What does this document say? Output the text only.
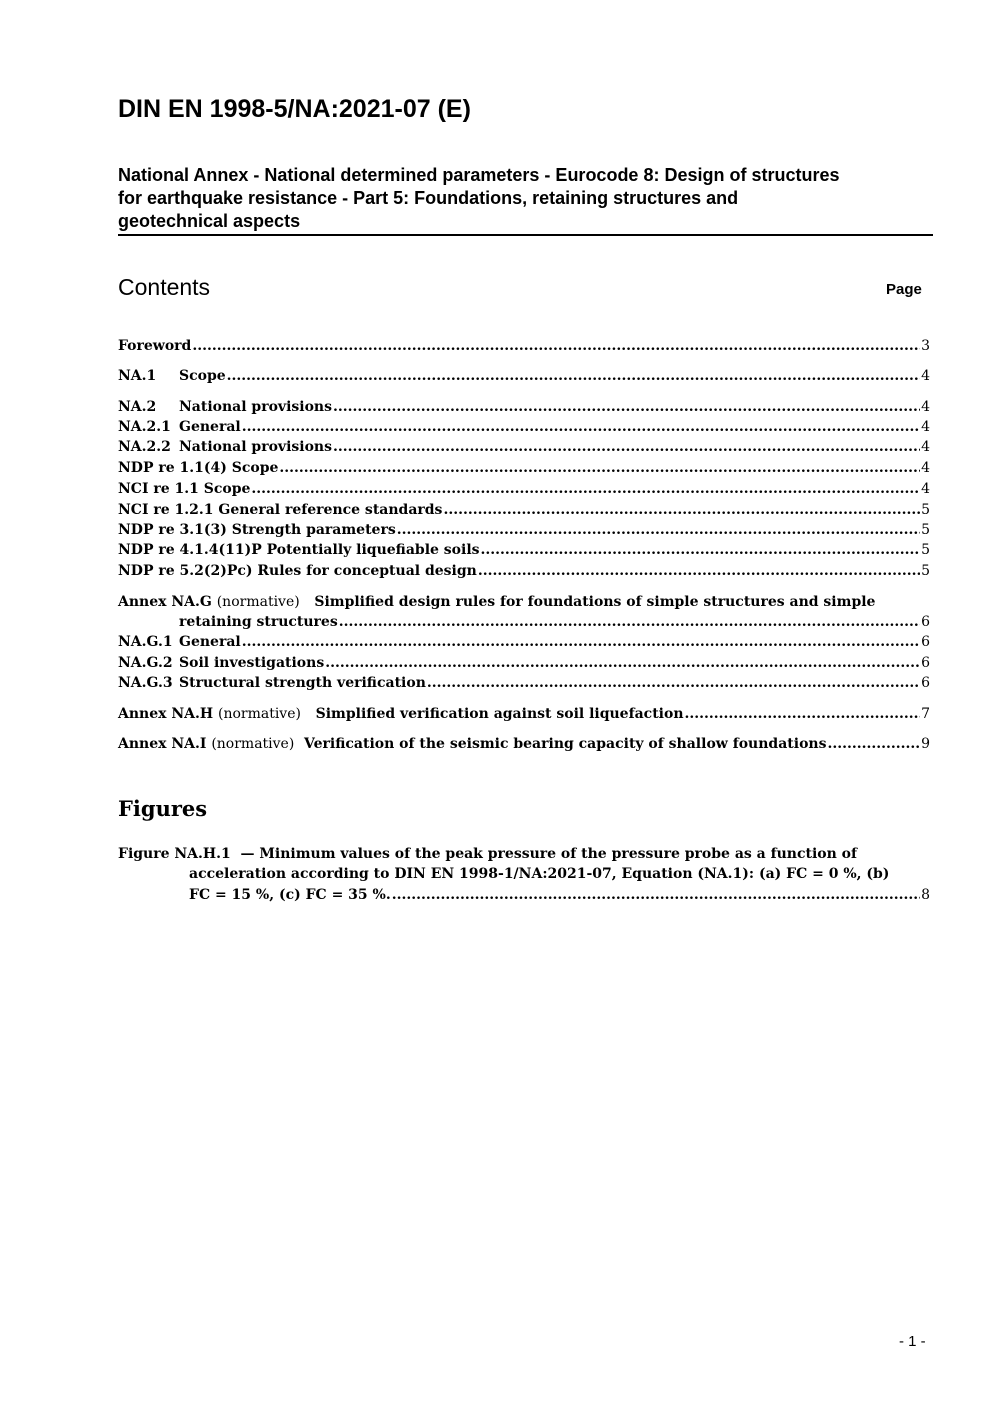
DIN EN 1998-5/NA:2021-07 (E)
National Annex - National determined parameters - Eurocode 8: Design of structures
for earthquake resistance - Part 5: Foundations, retaining structures and
geotechnical aspects
Contents	Page
Foreword .....	3
NA.1 Scope .....	4
NA.2 National provisions .....	4
NA.2.1 General .....	4
NA.2.2 National provisions .....	4
NDP re 1.1(4) Scope .....	4
NCI re 1.1 Scope .....	4
NCI re 1.2.1 General reference standards .....	5
NDP re 3.1(3) Strength parameters .....	5
NDP re 4.1.4(11)P Potentially liquefiable soils .....	5
NDP re 5.2(2)Pc) Rules for conceptual design .....	5
Annex NA.G (normative) Simplified design rules for foundations of simple structures and simple
retaining structures .....	6
NA.G.1 General .....	6
NA.G.2 Soil investigations .....	6
NA.G.3 Structural strength verification .....	6
Annex NA.H (normative) Simplified verification against soil liquefaction .....	7
Annex NA.I (normative) Verification of the seismic bearing capacity of shallow foundations .....	9
Figures
Figure NA.H.1 — Minimum values of the peak pressure of the pressure probe as a function of
acceleration according to DIN EN 1998-1/NA:2021-07, Equation (NA.1): (a) FC = 0 %, (b)
FC = 15 %, (c) FC = 35 %. .....	8
- 1 -
